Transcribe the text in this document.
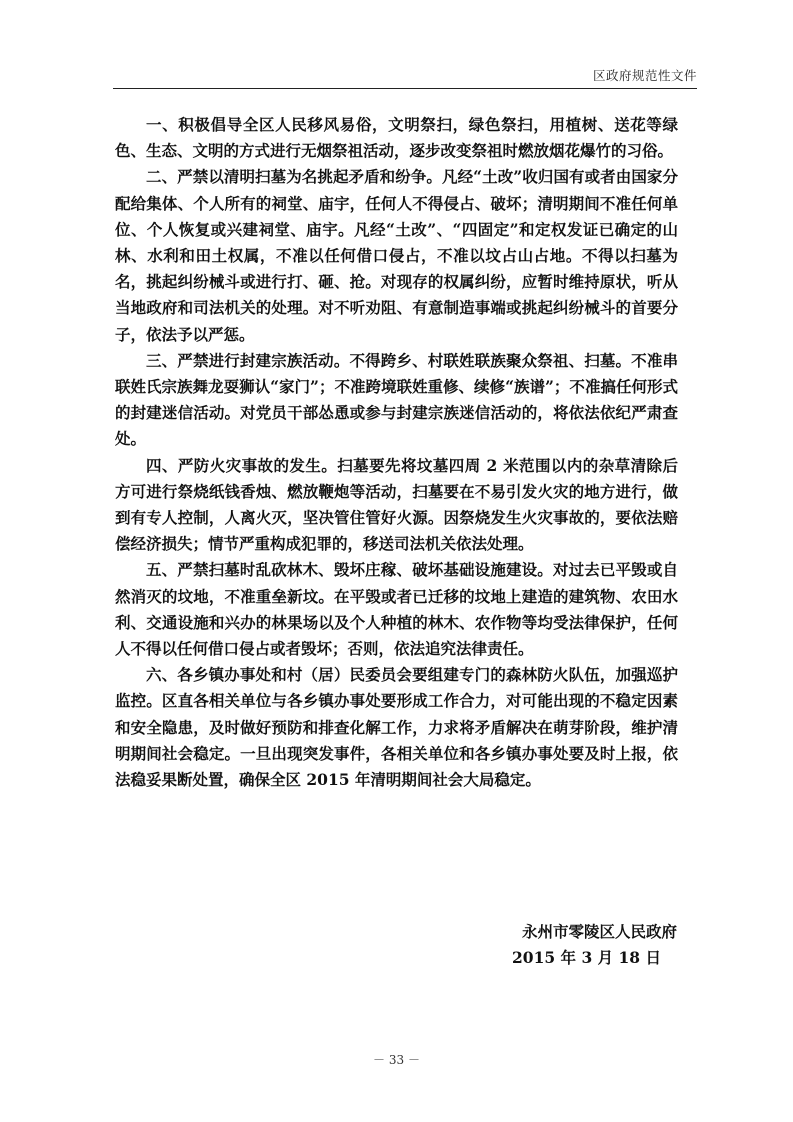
区政府规范性文件

一、积极倡导全区人民移风易俗，文明祭扫，绿色祭扫，用植树、送花等绿色、生态、文明的方式进行无烟祭祖活动，逐步改变祭祖时燃放烟花爆竹的习俗。

二、严禁以清明扫墓为名挑起矛盾和纷争。凡经“土改”收归国有或者由国家分配给集体、个人所有的祠堂、庙宇，任何人不得侵占、破坏；清明期间不准任何单位、个人恢复或兴建祠堂、庙宇。凡经“土改”、“四固定”和定权发证已确定的山林、水利和田土权属，不准以任何借口侵占，不准以坟占山占地。不得以扫墓为名，挑起纠纷械斗或进行打、砸、抢。对现存的权属纠纷，应暂时维持原状，听从当地政府和司法机关的处理。对不听劝阻、有意制造事端或挑起纠纷械斗的首要分子，依法予以严惩。

三、严禁进行封建宗族活动。不得跨乡、村联姓联族聚众祭祖、扫墓。不准串联姓氏宗族舞龙耍狮认“家门”；不准跨境联姓重修、续修“族谱”；不准搞任何形式的封建迷信活动。对党员干部怂恿或参与封建宗族迷信活动的，将依法依纪严肃查处。

四、严防火灾事故的发生。扫墓要先将坟墓四周 2 米范围以内的杂草清除后方可进行祭烧纸钱香烛、燃放鞭炮等活动，扫墓要在不易引发火灾的地方进行，做到有专人控制，人离火灭，坚决管住管好火源。因祭烧发生火灾事故的，要依法赔偿经济损失；情节严重构成犯罪的，移送司法机关依法处理。

五、严禁扫墓时乱砍林木、毁坏庄稼、破坏基础设施建设。对过去已平毁或自然消灭的坟地，不准重垒新坟。在平毁或者已迁移的坟地上建造的建筑物、农田水利、交通设施和兴办的林果场以及个人种植的林木、农作物等均受法律保护，任何人不得以任何借口侵占或者毁坏；否则，依法追究法律责任。

六、各乡镇办事处和村（居）民委员会要组建专门的森林防火队伍，加强巡护监控。区直各相关单位与各乡镇办事处要形成工作合力，对可能出现的不稳定因素和安全隐患，及时做好预防和排查化解工作，力求将矛盾解决在萌芽阶段，维护清明期间社会稳定。一旦出现突发事件，各相关单位和各乡镇办事处要及时上报，依法稳妥果断处置，确保全区 2015 年清明期间社会大局稳定。

永州市零陵区人民政府
2015 年 3 月 18 日
－ 33 －
